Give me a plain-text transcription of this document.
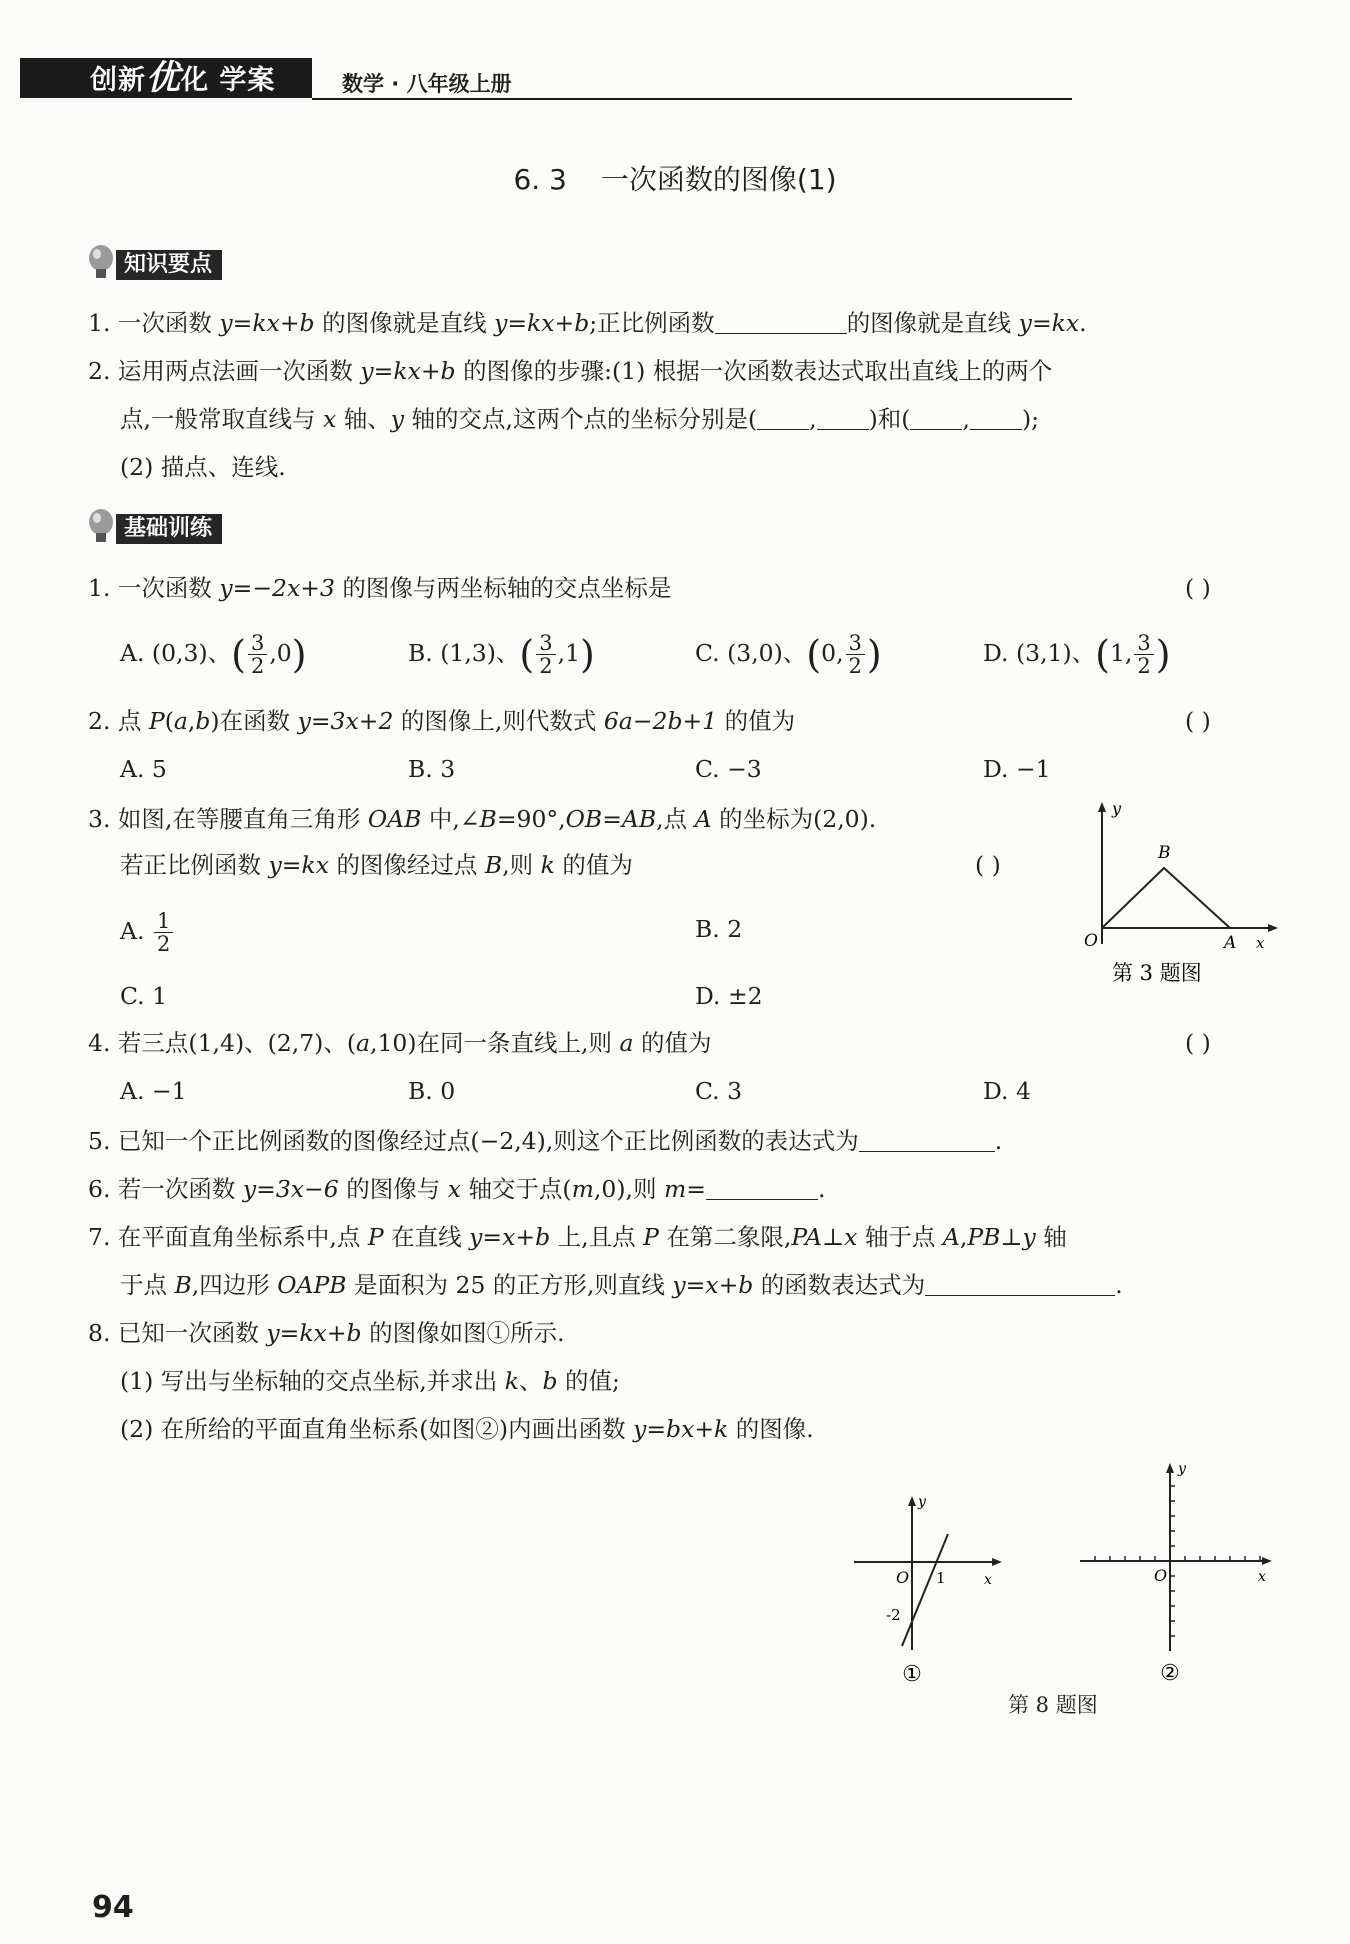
创新优化 学案	数学 · 八年级上册
6. 3 一次函数的图像(1)
知识要点
1. 一次函数 y=kx+b 的图像就是直线 y=kx+b;正比例函数	的图像就是直线 y=kx.
2. 运用两点法画一次函数 y=kx+b 的图像的步骤:(1) 根据一次函数表达式取出直线上的两个
点,一般常取直线与 x 轴、y 轴的交点,这两个点的坐标分别是( , )和( , );
(2) 描点、连线.
基础训练
1. 一次函数 y=−2x+3 的图像与两坐标轴的交点坐标是	( )
A. (0,3)、( $\frac{3}{2} ,0$)	B. (1,3)、( $\frac{3}{2} ,1$)	C. (3,0)、(0, $\frac{3}{2}$ )	D. (3,1)、(1, $\frac{3}{2}$ )
2. 点 P(a,b)在函数 y=3x+2 的图像上,则代数式 6a−2b+1 的值为	( )
A. 5	B. 3	C. −3	D. −1
3. 如图,在等腰直角三角形 OAB 中,∠B=90°,OB=AB,点 A 的坐标为(2,0).
若正比例函数 y=kx 的图像经过点 B,则 k 的值为	( )
A. $\frac{1}{2}$	B. 2
C. 1	D. ±2
y
B
O	A x
第 3 题图
4. 若三点(1,4)、(2,7)、(a,10)在同一条直线上,则 a 的值为	( )
A. −1	B. 0	C. 3	D. 4
5. 已知一个正比例函数的图像经过点(−2,4),则这个正比例函数的表达式为	.
6. 若一次函数 y=3x−6 的图像与 x 轴交于点(m,0),则 m=	.
7. 在平面直角坐标系中,点 P 在直线 y=x+b 上,且点 P 在第二象限,PA⊥x 轴于点 A,PB⊥y 轴
于点 B,四边形 OAPB 是面积为 25 的正方形,则直线 y=x+b 的函数表达式为	.
8. 已知一次函数 y=kx+b 的图像如图①所示.
(1) 写出与坐标轴的交点坐标,并求出 k、b 的值;
(2) 在所给的平面直角坐标系(如图②)内画出函数 y=bx+k 的图像.
y
O 1	x
-2
①
y
O	x
②
第 8 题图
94
